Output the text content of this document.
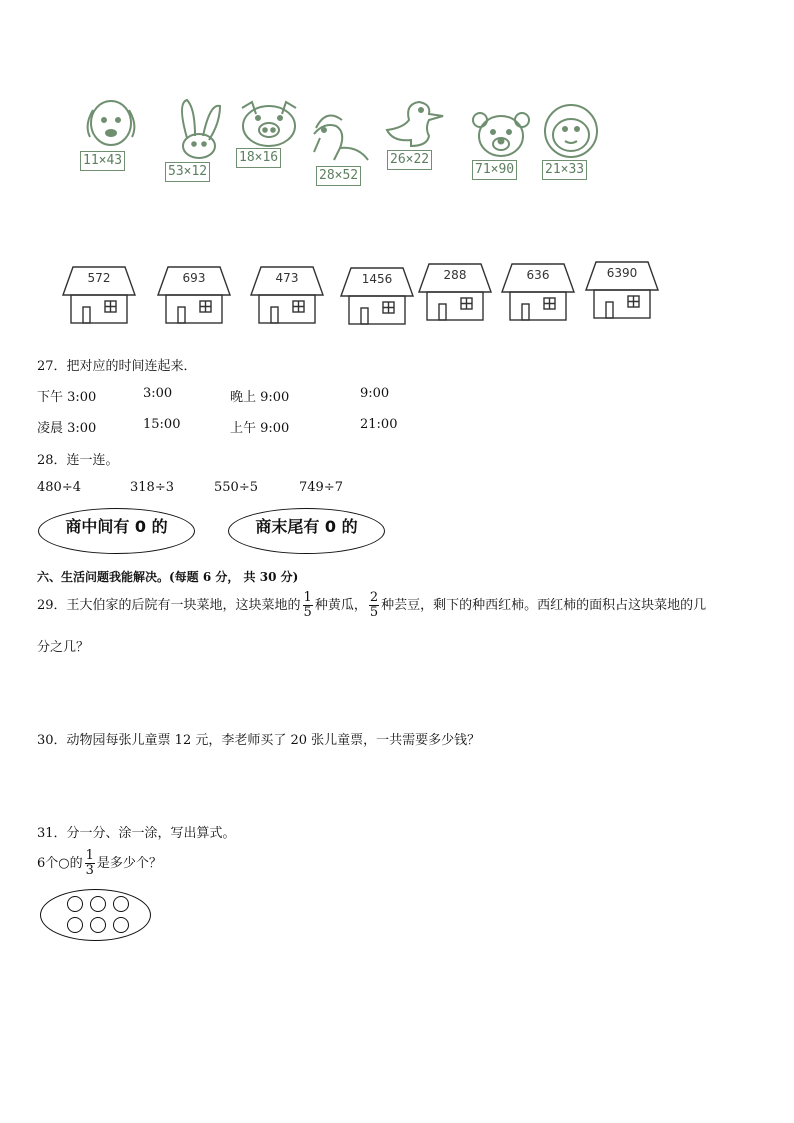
11×43
53×12
18×16
28×52
26×22
71×90 21×33
572	693	473	1456	288	636	6390
27．把对应的时间连起来．
下午 3:00	3:00	晚上 9:00	9:00
凌晨 3:00	15:00	上午 9:00	21:00
28．连一连。
480÷4	318÷3	550÷5	749÷7
商中间有 0 的	商末尾有 0 的
六、生活问题我能解决。(每题 6 分， 共 30 分)
29．王大伯家的后院有一块菜地，这块菜地的 $\frac{1}{5}$ 种黄瓜， $\frac{2}{5}$ 种芸豆，剩下的种西红柿。西红柿的面积占这块菜地的几
分之几？
30．动物园每张儿童票 12 元，李老师买了 20 张儿童票，一共需要多少钱？
31．分一分、涂一涂，写出算式。
6个○的 $\frac{1}{3}$ 是多少个？
